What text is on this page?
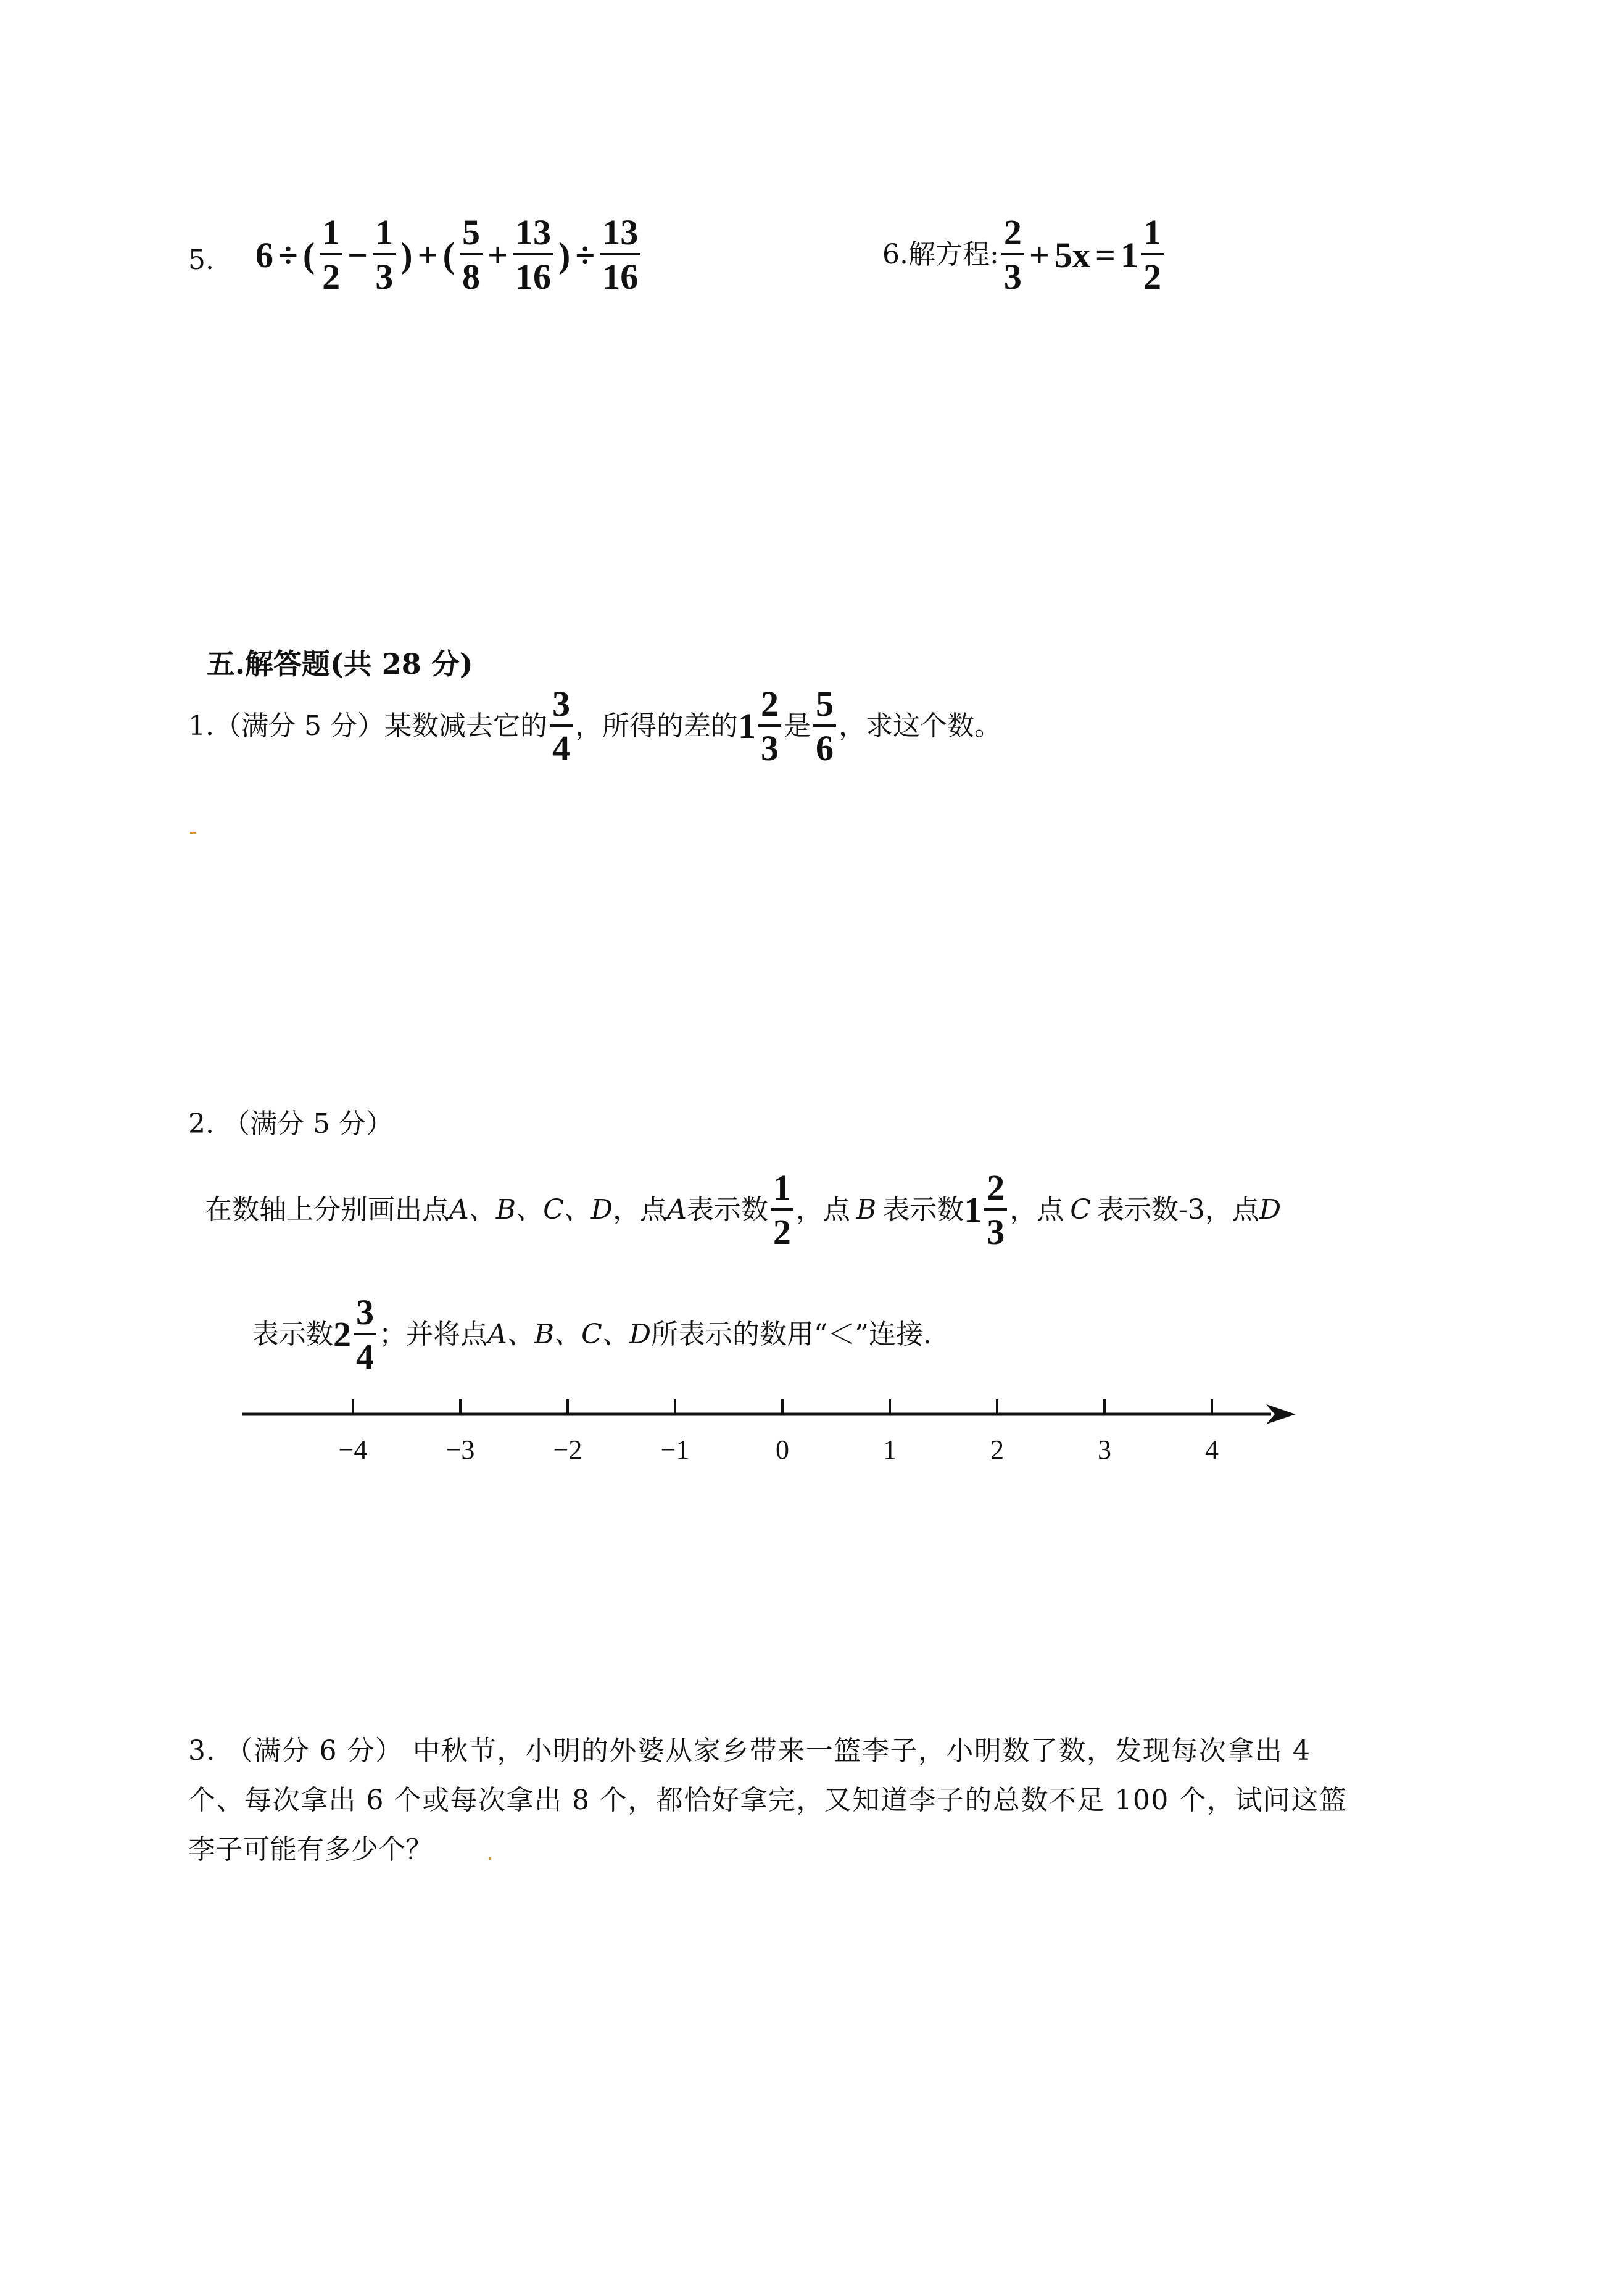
5. 6 ÷ ( $\frac{1}{2} - \frac{1}{3}$ ) + ( $\frac{5}{8} + \frac{13}{16}$ ) ÷ $\frac{13}{16}$	6.解方程: $\frac{2}{3} + 5x = 1 \frac{1}{2}$
五.解答题(共 28 分)
1.（满分 5 分）某数减去它的 $\frac{3}{4}$ ，所得的差的 $1 \frac{2}{3}$ 是 $\frac{5}{6}$ ，求这个数。
2. （满分 5 分）
在数轴上分别画出点 A、B、C、D ，点 A 表示数 $\frac{1}{2}$ ，点 B 表示数 $1 \frac{2}{3}$ ，点 C 表示数-3，点 D
表示数 $2 \frac{3}{4}$ ；并将点 A、B、C、D 所表示的数用“＜”连接.
−4	−3	−2	−1	0	1	2	3	4
3. （满分 6 分） 中秋节，小明的外婆从家乡带来一篮李子，小明数了数，发现每次拿出 4
个、每次拿出 6 个或每次拿出 8 个，都恰好拿完，又知道李子的总数不足 100 个，试问这篮
李子可能有多少个？
